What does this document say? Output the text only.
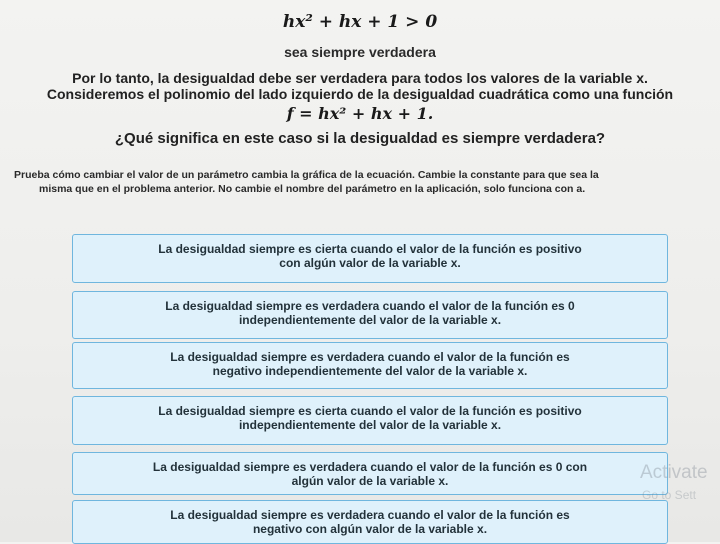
hx² + hx + 1 > 0
sea siempre verdadera
Por lo tanto, la desigualdad debe ser verdadera para todos los valores de la variable x.
Consideremos el polinomio del lado izquierdo de la desigualdad cuadrática como una función
f = hx² + hx + 1.
¿Qué significa en este caso si la desigualdad es siempre verdadera?
Prueba cómo cambiar el valor de un parámetro cambia la gráfica de la ecuación. Cambie la constante para que sea la
misma que en el problema anterior. No cambie el nombre del parámetro en la aplicación, solo funciona con a.
La desigualdad siempre es cierta cuando el valor de la función es positivo
con algún valor de la variable x.
La desigualdad siempre es verdadera cuando el valor de la función es 0
independientemente del valor de la variable x.
La desigualdad siempre es verdadera cuando el valor de la función es
negativo independientemente del valor de la variable x.
La desigualdad siempre es cierta cuando el valor de la función es positivo
independientemente del valor de la variable x.
La desigualdad siempre es verdadera cuando el valor de la función es 0 con
algún valor de la variable x.
La desigualdad siempre es verdadera cuando el valor de la función es
negativo con algún valor de la variable x.
Activate
Go to Sett
